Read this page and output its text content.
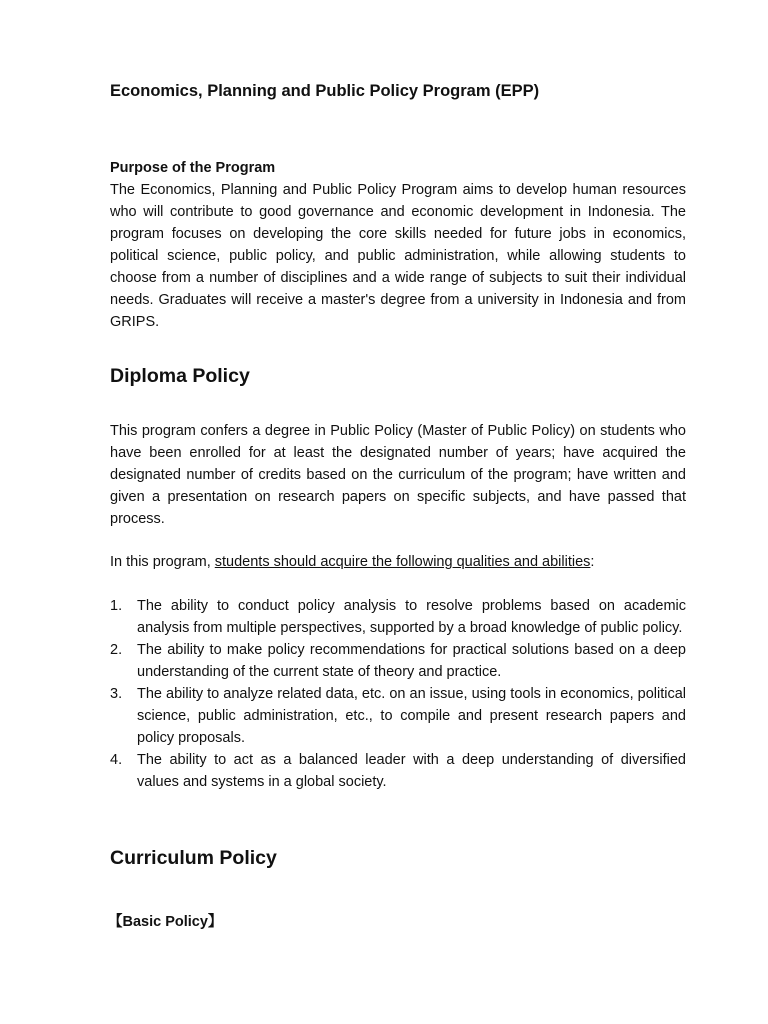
Economics, Planning and Public Policy Program (EPP)
Purpose of the Program

The Economics, Planning and Public Policy Program aims to develop human resources who will contribute to good governance and economic development in Indonesia. The program focuses on developing the core skills needed for future jobs in economics, political science, public policy, and public administration, while allowing students to choose from a number of disciplines and a wide range of subjects to suit their individual needs. Graduates will receive a master's degree from a university in Indonesia and from GRIPS.

Diploma Policy

This program confers a degree in Public Policy (Master of Public Policy) on students who have been enrolled for at least the designated number of years; have acquired the designated number of credits based on the curriculum of the program; have written and given a presentation on research papers on specific subjects, and have passed that process.

In this program, students should acquire the following qualities and abilities:
1. The ability to conduct policy analysis to resolve problems based on academic analysis from multiple perspectives, supported by a broad knowledge of public policy.
2. The ability to make policy recommendations for practical solutions based on a deep understanding of the current state of theory and practice.
3. The ability to analyze related data, etc. on an issue, using tools in economics, political science, public administration, etc., to compile and present research papers and policy proposals.
4. The ability to act as a balanced leader with a deep understanding of diversified values and systems in a global society.
Curriculum Policy
【Basic Policy】
